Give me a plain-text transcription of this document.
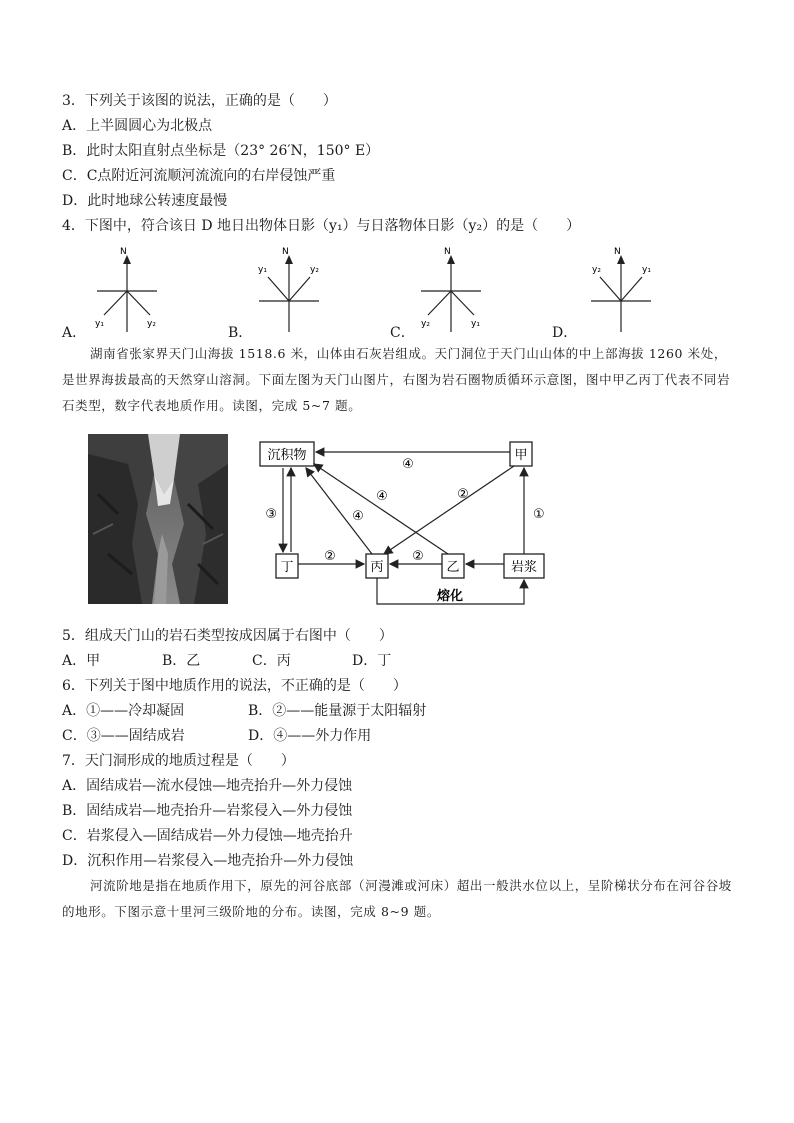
3．下列关于该图的说法，正确的是（　　）
A．上半圆圆心为北极点
B．此时太阳直射点坐标是（23° 26′N，150° E）
C．C点附近河流顺河流流向的右岸侵蚀严重
D．此时地球公转速度最慢
4．下图中，符合该日 D 地日出物体日影（y₁）与日落物体日影（y₂）的是（　　）
A．
N
y₁	y₂
B．
N
y₁	y₂
C．
N
y₂	y₁
D．
y₂
N
y₁
湖南省张家界天门山海拔 1518.6 米，山体由石灰岩组成。天门洞位于天门山山体的中上部海拔 1260 米处，是世界海拔最高的天然穿山溶洞。下面左图为天门山图片，右图为岩石圈物质循环示意图，图中甲乙丙丁代表不同岩石类型，数字代表地质作用。读图，完成 5~7 题。
沉积物	甲
丁	丙	乙	岩浆
④
③	④
④	②
②	②
①
熔化
5．组成天门山的岩石类型按成因属于右图中（　　）
A．甲	B．乙	C．丙	D．丁
6．下列关于图中地质作用的说法，不正确的是（　　）
A．①——冷却凝固	B．②——能量源于太阳辐射
C．③——固结成岩	D．④——外力作用
7．天门洞形成的地质过程是（　　）
A．固结成岩—流水侵蚀—地壳抬升—外力侵蚀
B．固结成岩—地壳抬升—岩浆侵入—外力侵蚀
C．岩浆侵入—固结成岩—外力侵蚀—地壳抬升
D．沉积作用—岩浆侵入—地壳抬升—外力侵蚀
河流阶地是指在地质作用下，原先的河谷底部（河漫滩或河床）超出一般洪水位以上，呈阶梯状分布在河谷谷坡的地形。下图示意十里河三级阶地的分布。读图，完成 8~9 题。
